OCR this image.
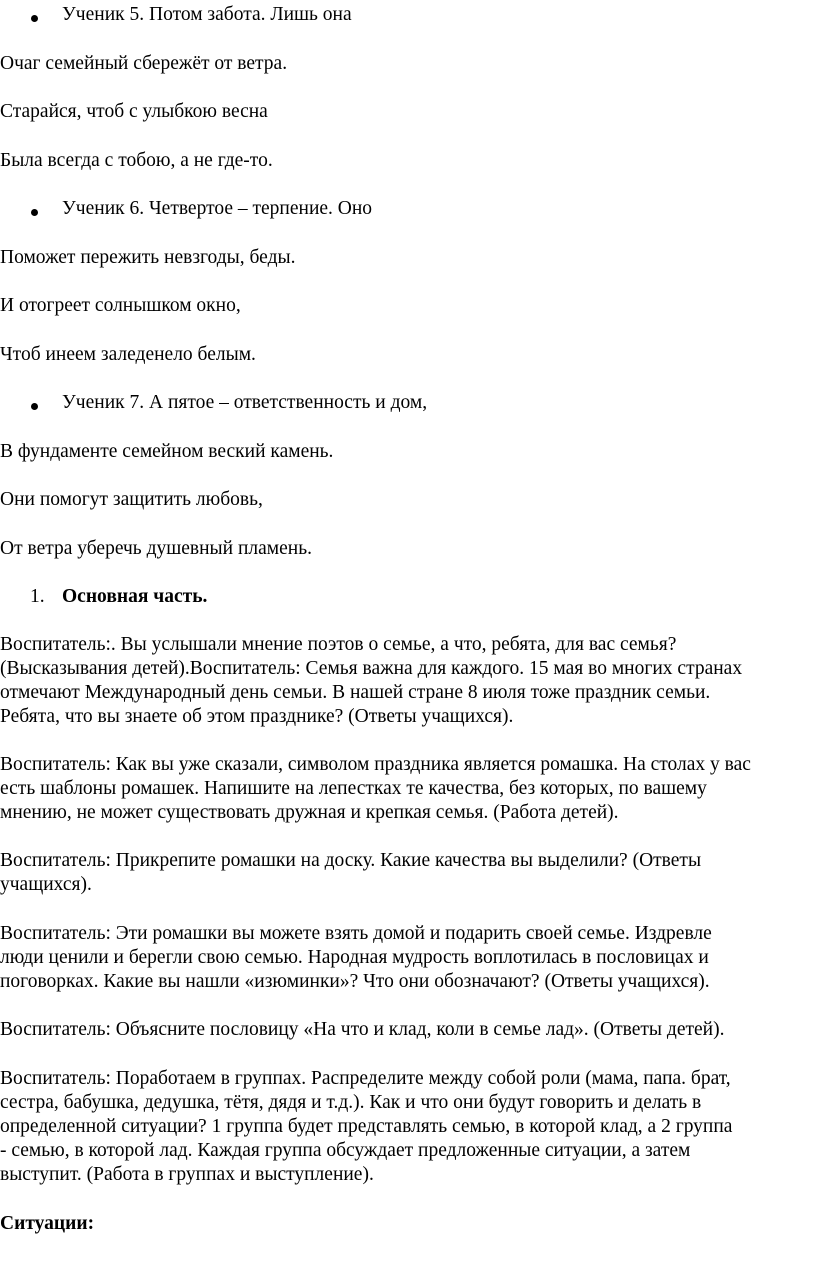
Ученик 5. Потом забота. Лишь она
Очаг семейный сбережёт от ветра.
Старайся, чтоб с улыбкою весна
Была всегда с тобою, а не где-то.
Ученик 6. Четвертое – терпение. Оно
Поможет пережить невзгоды, беды.
И отогреет солнышком окно,
Чтоб инеем заледенело белым.
Ученик 7. А пятое – ответственность и дом,
В фундаменте семейном веский камень.
Они помогут защитить любовь,
От ветра уберечь душевный пламень.
1. Основная часть.
Воспитатель:. Вы услышали мнение поэтов о семье, а что, ребята, для вас семья?
(Высказывания детей).Воспитатель: Семья важна для каждого. 15 мая во многих странах
отмечают Международный день семьи. В нашей стране 8 июля тоже праздник семьи.
Ребята, что вы знаете об этом празднике? (Ответы учащихся).
Воспитатель: Как вы уже сказали, символом праздника является ромашка. На столах у вас
есть шаблоны ромашек. Напишите на лепестках те качества, без которых, по вашему
мнению, не может существовать дружная и крепкая семья. (Работа детей).
Воспитатель: Прикрепите ромашки на доску. Какие качества вы выделили? (Ответы
учащихся).
Воспитатель: Эти ромашки вы можете взять домой и подарить своей семье. Издревле
люди ценили и берегли свою семью. Народная мудрость воплотилась в пословицах и
поговорках. Какие вы нашли «изюминки»? Что они обозначают? (Ответы учащихся).
Воспитатель: Объясните пословицу «На что и клад, коли в семье лад». (Ответы детей).
Воспитатель: Поработаем в группах. Распределите между собой роли (мама, папа. брат,
сестра, бабушка, дедушка, тётя, дядя и т.д.). Как и что они будут говорить и делать в
определенной ситуации? 1 группа будет представлять семью, в которой клад, а 2 группа
- семью, в которой лад. Каждая группа обсуждает предложенные ситуации, а затем
выступит. (Работа в группах и выступление).
Ситуации:
